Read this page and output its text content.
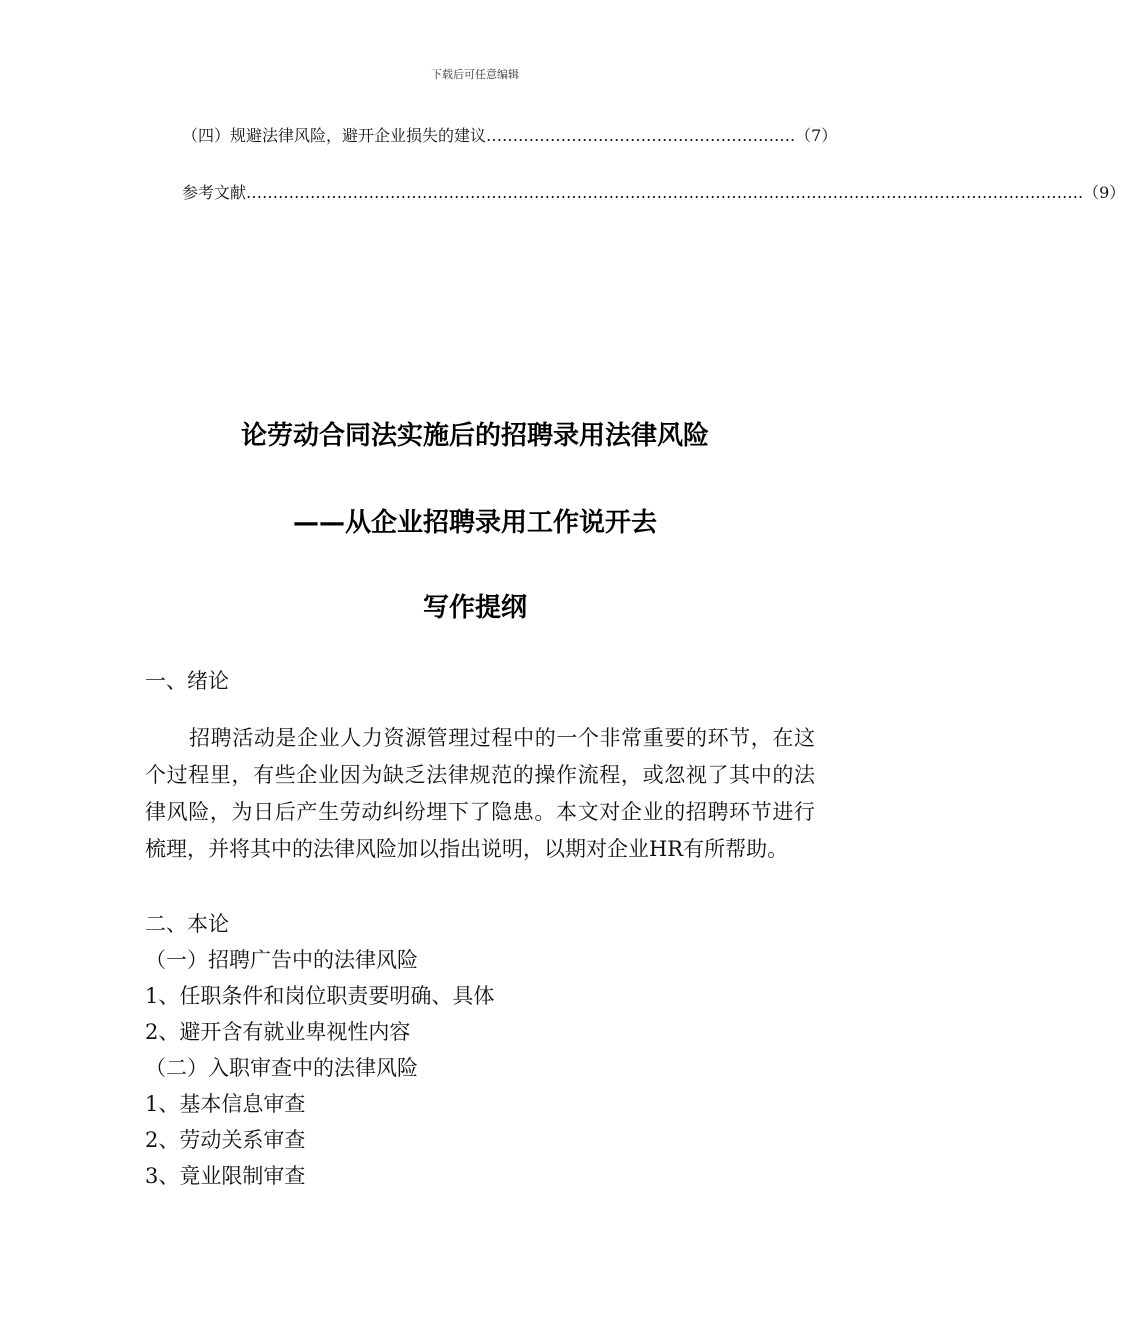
下载后可任意编辑
（四）规避法律风险，避开企业损失的建议 ………………………………………………… .（7）
参考文献 ………………………………………………………………………………………………………………………………………… .（9）
论劳动合同法实施后的招聘录用法律风险
——从企业招聘录用工作说开去
写作提纲
一、绪论
招聘活动是企业人力资源管理过程中的一个非常重要的环节，在这个过程里，有些企业因为缺乏法律规范的操作流程，或忽视了其中的法律风险，为日后产生劳动纠纷埋下了隐患。本文对企业的招聘环节进行梳理，并将其中的法律风险加以指出说明，以期对企业HR有所帮助。
二、本论
（一）招聘广告中的法律风险
1、任职条件和岗位职责要明确、具体
2、避开含有就业卑视性内容
（二）入职审查中的法律风险
1、基本信息审查
2、劳动关系审查
3、竟业限制审查
